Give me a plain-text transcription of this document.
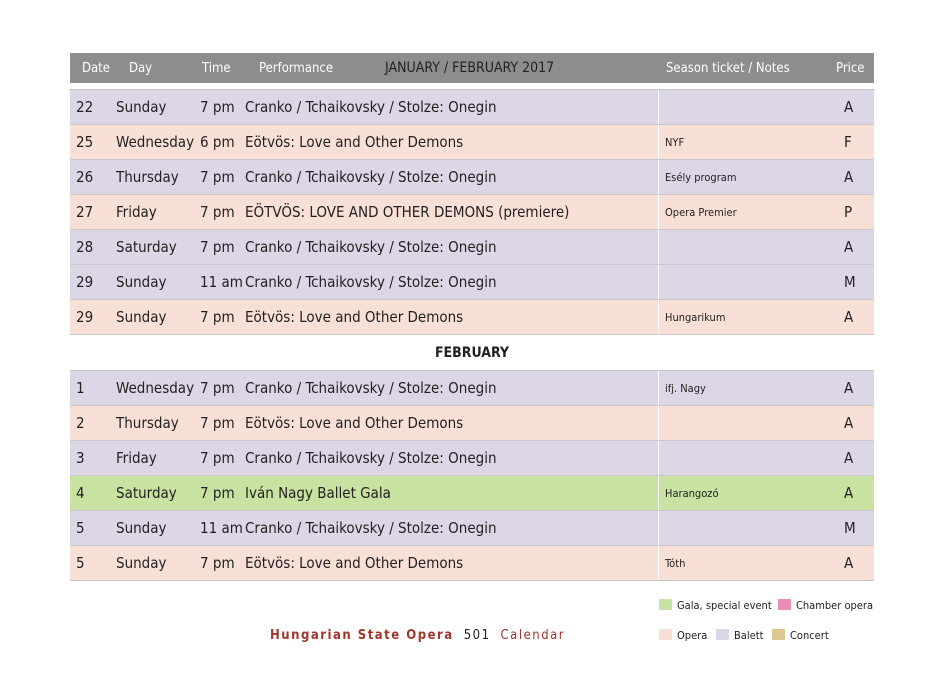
Date Day	Time Performance	JANUARY / FEBRUARY 2017	Season ticket / Notes	Price
22 Sunday 7 pm Cranko / Tchaikovsky / Stolze: Onegin	A
25 Wednesday 6 pm Eötvös: Love and Other Demons	NYF	F
26 Thursday 7 pm Cranko / Tchaikovsky / Stolze: Onegin	Esély program	A
27 Friday	7 pm EÖTVÖS: LOVE AND OTHER DEMONS (premiere)	Opera Premier	P
28 Saturday 7 pm Cranko / Tchaikovsky / Stolze: Onegin	A
29 Sunday 11 am Cranko / Tchaikovsky / Stolze: Onegin	M
29 Sunday 7 pm Eötvös: Love and Other Demons	Hungarikum	A
FEBRUARY
1 Wednesday 7 pm Cranko / Tchaikovsky / Stolze: Onegin	ifj. Nagy	A
2 Thursday 7 pm Eötvös: Love and Other Demons	A
3 Friday	7 pm Cranko / Tchaikovsky / Stolze: Onegin	A
4 Saturday 7 pm Iván Nagy Ballet Gala	Harangozó	A
5 Sunday 11 am Cranko / Tchaikovsky / Stolze: Onegin	M
5 Sunday 7 pm Eötvös: Love and Other Demons	Tóth	A
Gala, special event	Chamber opera
Opera	Balett	Concert
Hungarian State Opera 501 Calendar
